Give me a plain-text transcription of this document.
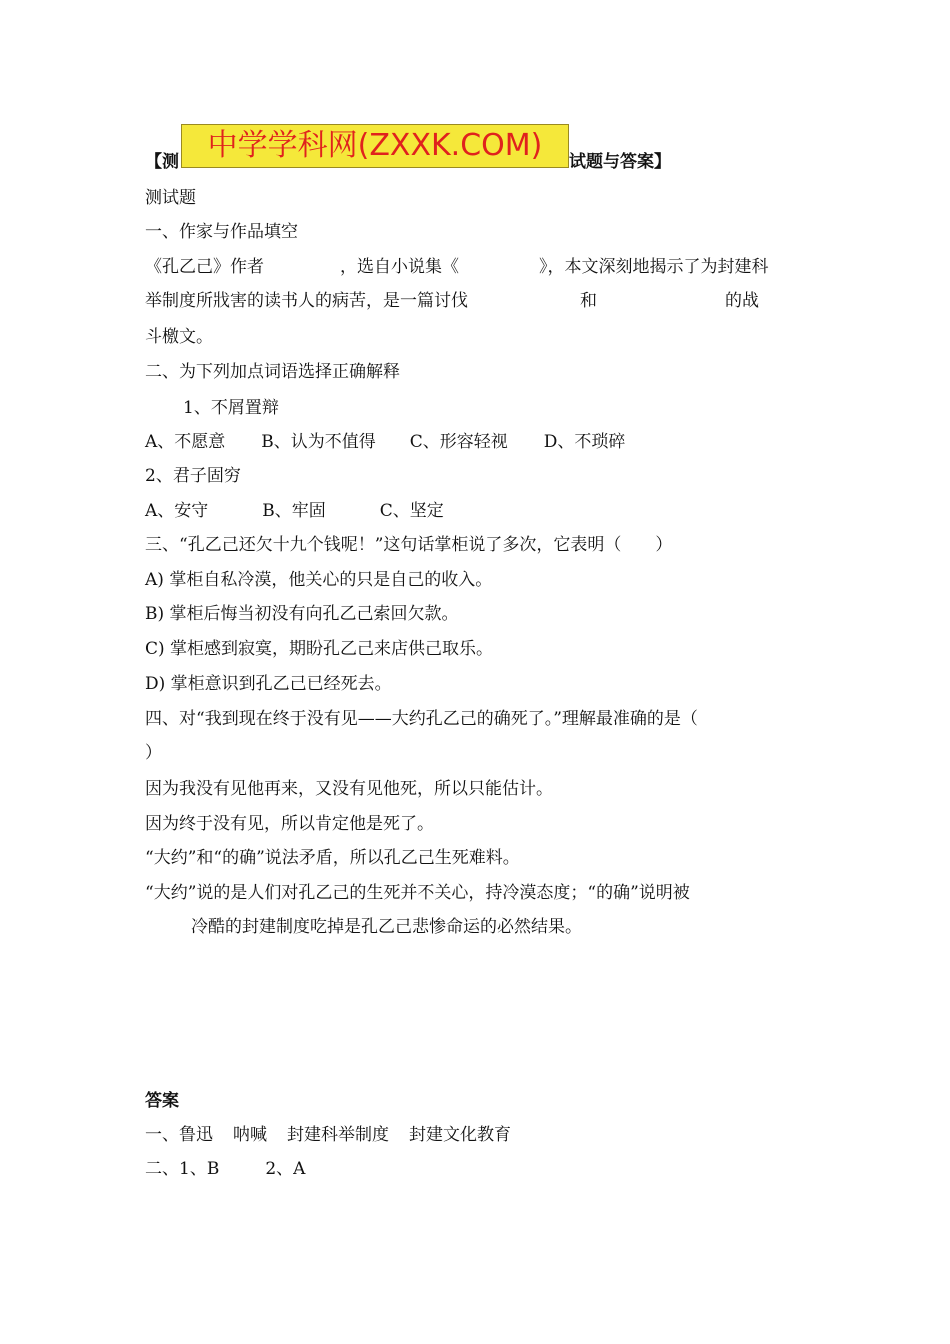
【测	试题与答案】
中学学科网(ZXXK.COM)
测试题
一、作家与作品填空
《孔乙己》作者	，选自小说集《	》，本文深刻地揭示了为封建科
举制度所戕害的读书人的病苦，是一篇讨伐	和	的战
斗檄文。
二、为下列加点词语选择正确解释
1、不屑置辩
A、不愿意 B、认为不值得 C、形容轻视 D、不琐碎
2、君子固穷
A、安守	B、牢固	C、坚定
三、“孔乙己还欠十九个钱呢！”这句话掌柜说了多次，它表明（　　）
A) 掌柜自私冷漠，他关心的只是自己的收入。
B) 掌柜后悔当初没有向孔乙己索回欠款。
C) 掌柜感到寂寞，期盼孔乙己来店供己取乐。
D) 掌柜意识到孔乙己已经死去。
四、对“我到现在终于没有见——大约孔乙己的确死了。”理解最准确的是（
）
因为我没有见他再来，又没有见他死，所以只能估计。
因为终于没有见，所以肯定他是死了。
“大约”和“的确”说法矛盾，所以孔乙己生死难料。
“大约”说的是人们对孔乙己的生死并不关心，持冷漠态度；“的确”说明被
冷酷的封建制度吃掉是孔乙己悲惨命运的必然结果。
答案
一、鲁迅 呐喊 封建科举制度 封建文化教育
二、1、B	2、A
